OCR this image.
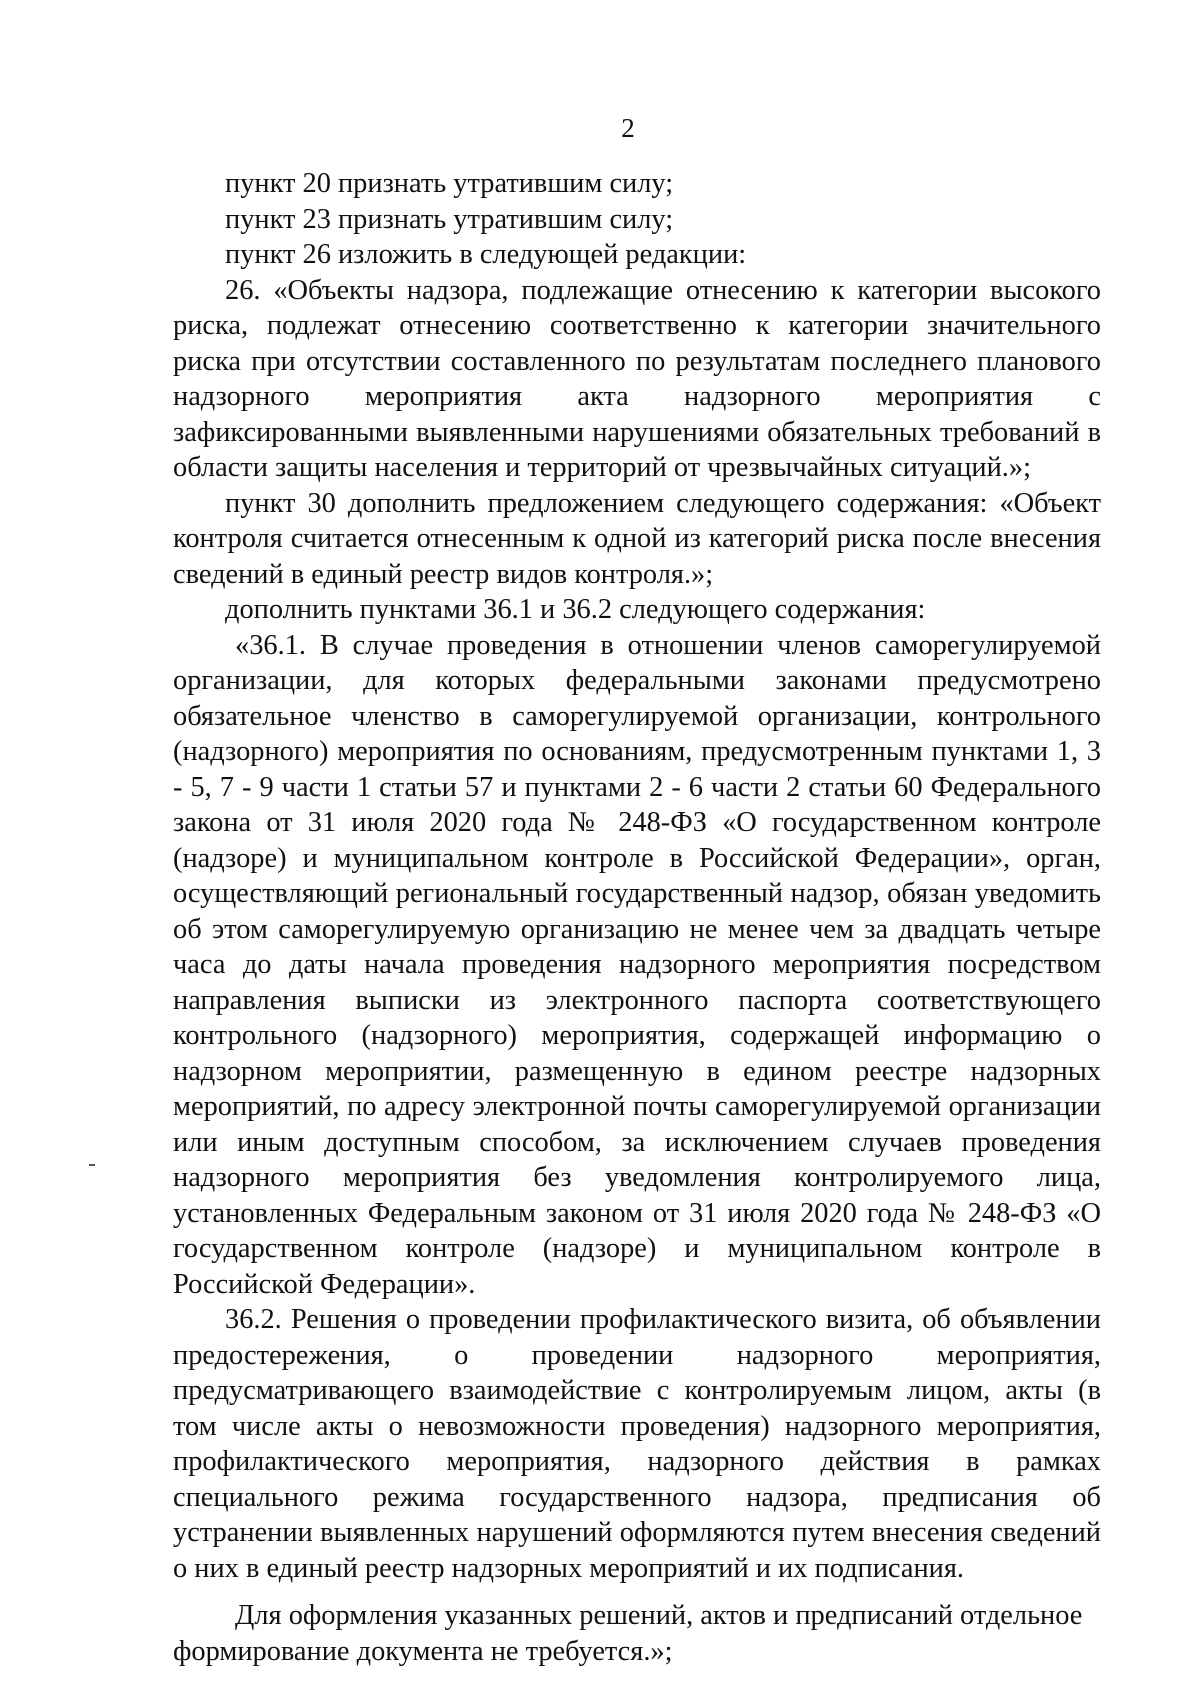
2

пункт 20 признать утратившим силу;

пункт 23 признать утратившим силу;

пункт 26 изложить в следующей редакции:

26. «Объекты надзора, подлежащие отнесению к категории высокого риска, подлежат отнесению соответственно к категории значительного риска при отсутствии составленного по результатам последнего планового надзорного мероприятия акта надзорного мероприятия с зафиксированными выявленными нарушениями обязательных требований в области защиты населения и территорий от чрезвычайных ситуаций.»;

пункт 30 дополнить предложением следующего содержания: «Объект контроля считается отнесенным к одной из категорий риска после внесения сведений в единый реестр видов контроля.»;

дополнить пунктами 36.1 и 36.2 следующего содержания:

«36.1. В случае проведения в отношении членов саморегулируемой организации, для которых федеральными законами предусмотрено обязательное членство в саморегулируемой организации, контрольного (надзорного) мероприятия по основаниям, предусмотренным пунктами 1, 3 - 5, 7 - 9 части 1 статьи 57 и пунктами 2 - 6 части 2 статьи 60 Федерального закона от 31 июля 2020 года № 248-ФЗ «О государственном контроле (надзоре) и муниципальном контроле в Российской Федерации», орган, осуществляющий региональный государственный надзор, обязан уведомить об этом саморегулируемую организацию не менее чем за двадцать четыре часа до даты начала проведения надзорного мероприятия посредством направления выписки из электронного паспорта соответствующего контрольного (надзорного) мероприятия, содержащей информацию о надзорном мероприятии, размещенную в едином реестре надзорных мероприятий, по адресу электронной почты саморегулируемой организации или иным доступным способом, за исключением случаев проведения надзорного мероприятия без уведомления контролируемого лица, установленных Федеральным законом от 31 июля 2020 года № 248-ФЗ «О государственном контроле (надзоре) и муниципальном контроле в Российской Федерации».

36.2. Решения о проведении профилактического визита, об объявлении предостережения, о проведении надзорного мероприятия, предусматривающего взаимодействие с контролируемым лицом, акты (в том числе акты о невозможности проведения) надзорного мероприятия, профилактического мероприятия, надзорного действия в рамках специального режима государственного надзора, предписания об устранении выявленных нарушений оформляются путем внесения сведений о них в единый реестр надзорных мероприятий и их подписания.

Для оформления указанных решений, актов и предписаний отдельное формирование документа не требуется.»;
